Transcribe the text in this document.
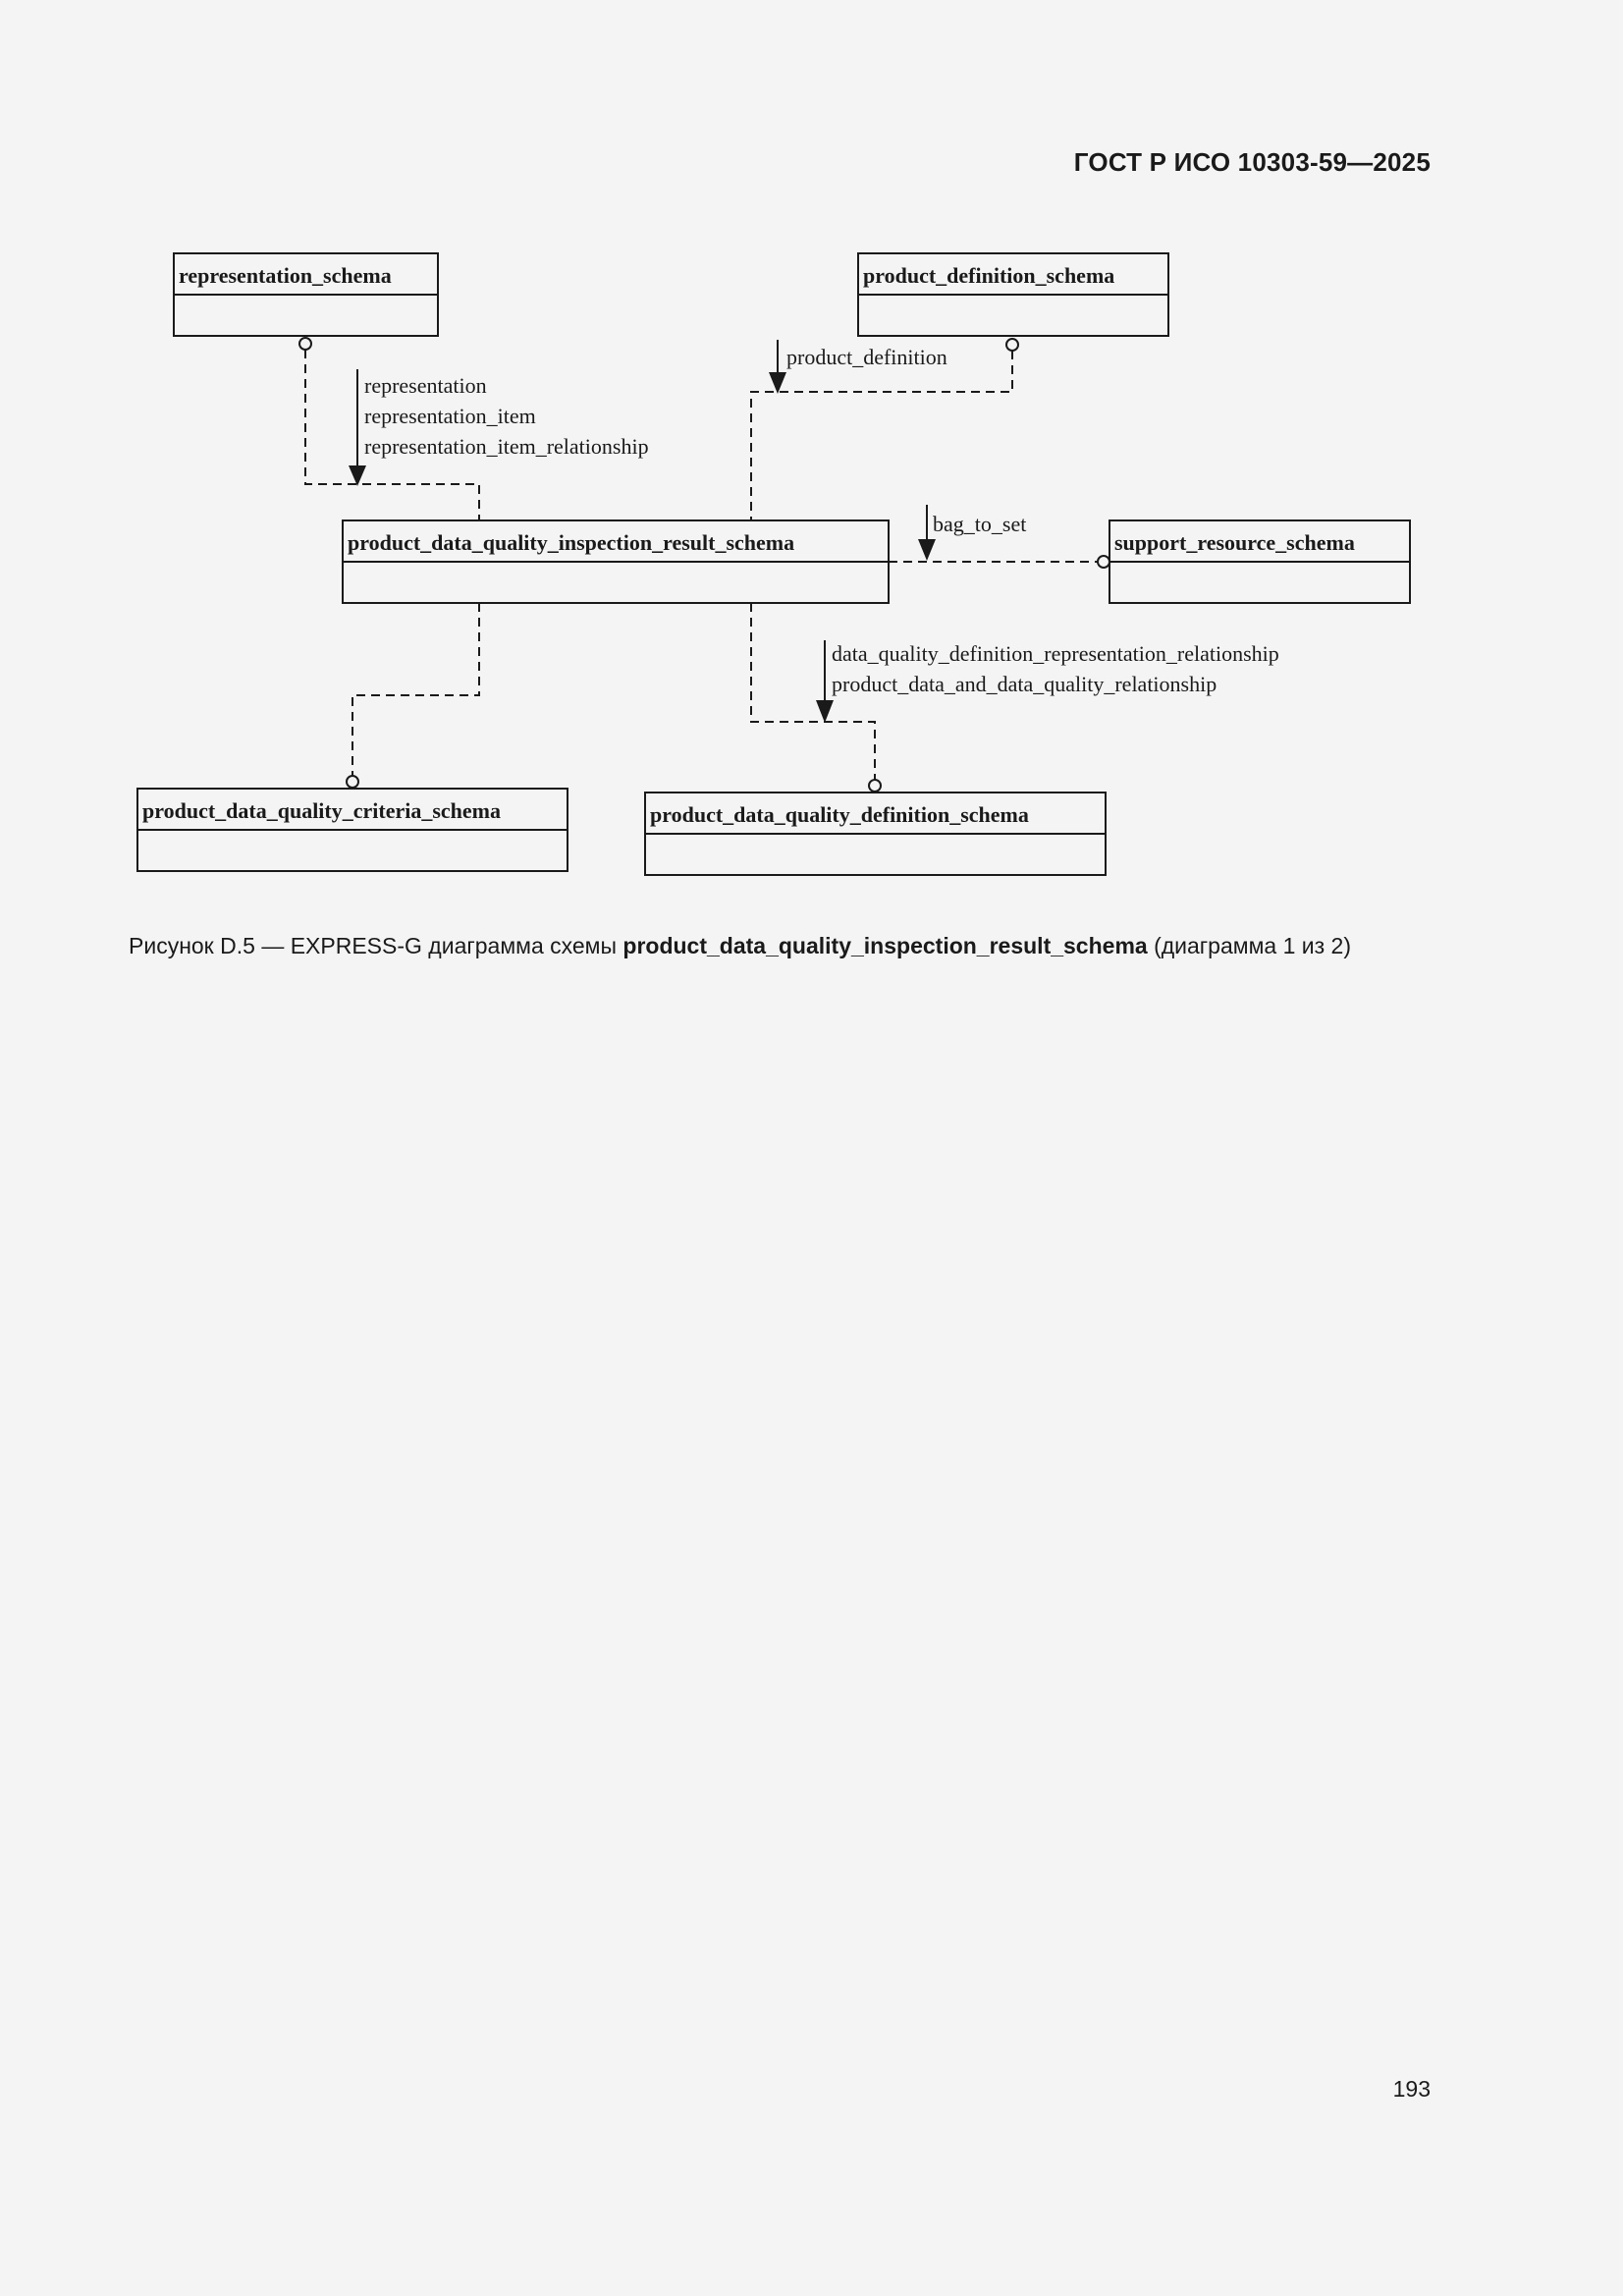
ГОСТ Р ИСО 10303-59—2025
representation_schema	product_definition_schema
product_data_quality_inspection_result_schema	support_resource_schema
product_data_quality_criteria_schema	product_data_quality_definition_schema
representation
representation_item
representation_item_relationship
product_definition
bag_to_set
data_quality_definition_representation_relationship
product_data_and_data_quality_relationship
Рисунок D.5 — EXPRESS-G диаграмма схемы product_data_quality_inspection_result_schema (диаграмма 1 из 2)
193
